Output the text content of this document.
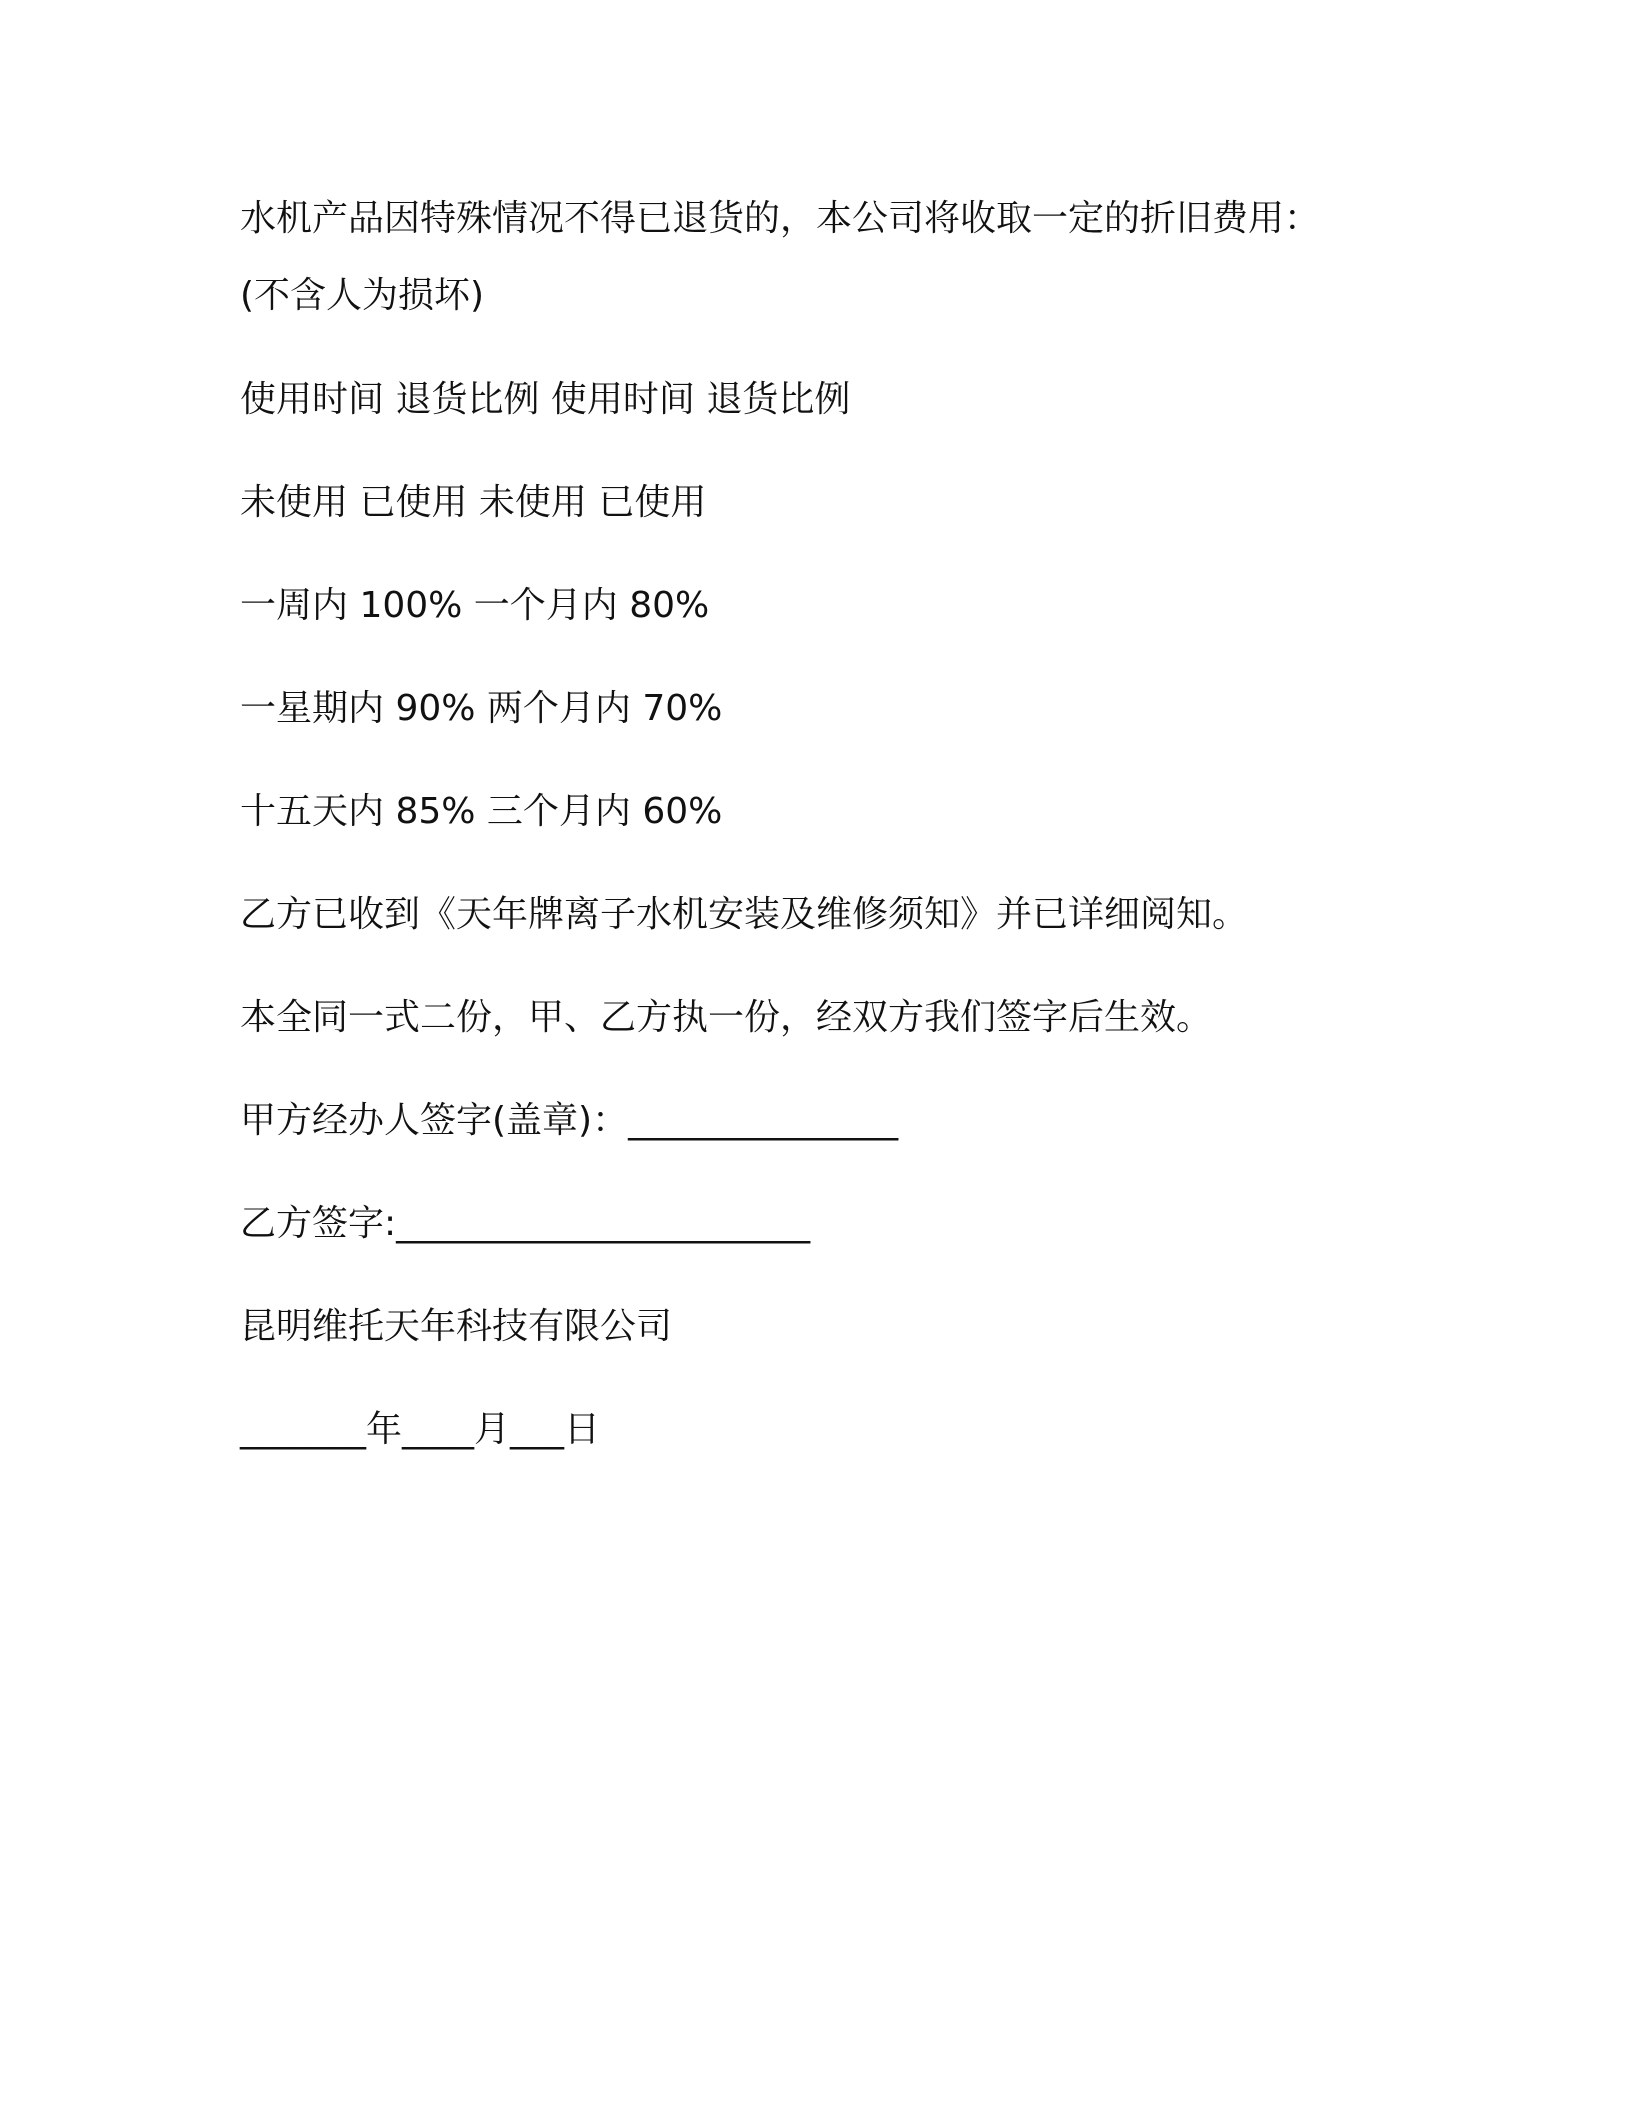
水机产品因特殊情况不得已退货的，本公司将收取一定的折旧费用：
(不含人为损坏)
使用时间 退货比例 使用时间 退货比例
未使用 已使用 未使用 已使用
一周内 100% 一个月内 80%
一星期内 90% 两个月内 70%
十五天内 85% 三个月内 60%
乙方已收到《天年牌离子水机安装及维修须知》并已详细阅知。
本全同一式二份，甲、乙方执一份，经双方我们签字后生效。
甲方经办人签字(盖章)：_______________
乙方签字:_______________________
昆明维托天年科技有限公司
_______年____月___日
